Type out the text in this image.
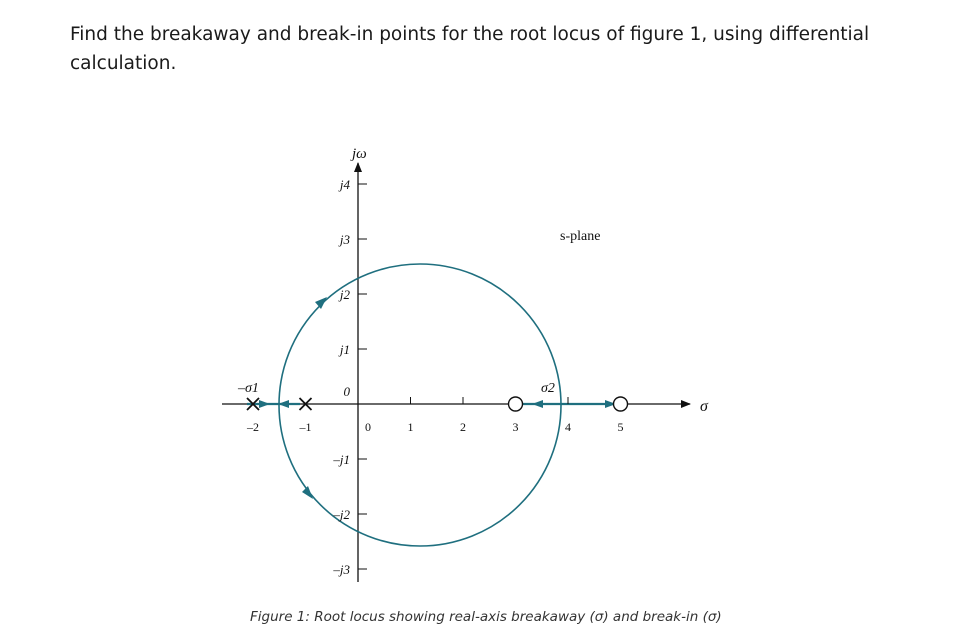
Find the breakaway and break-in points for the root locus of figure 1, using differential calculation.

0	1	2	3	4	5
j4
j3
j2
j1
0
–j1
–j2
–j3
–2	–1
jω
σ
s-plane
–σ1	σ2

Figure 1: Root locus showing real-axis breakaway (σ) and break-in (σ)
